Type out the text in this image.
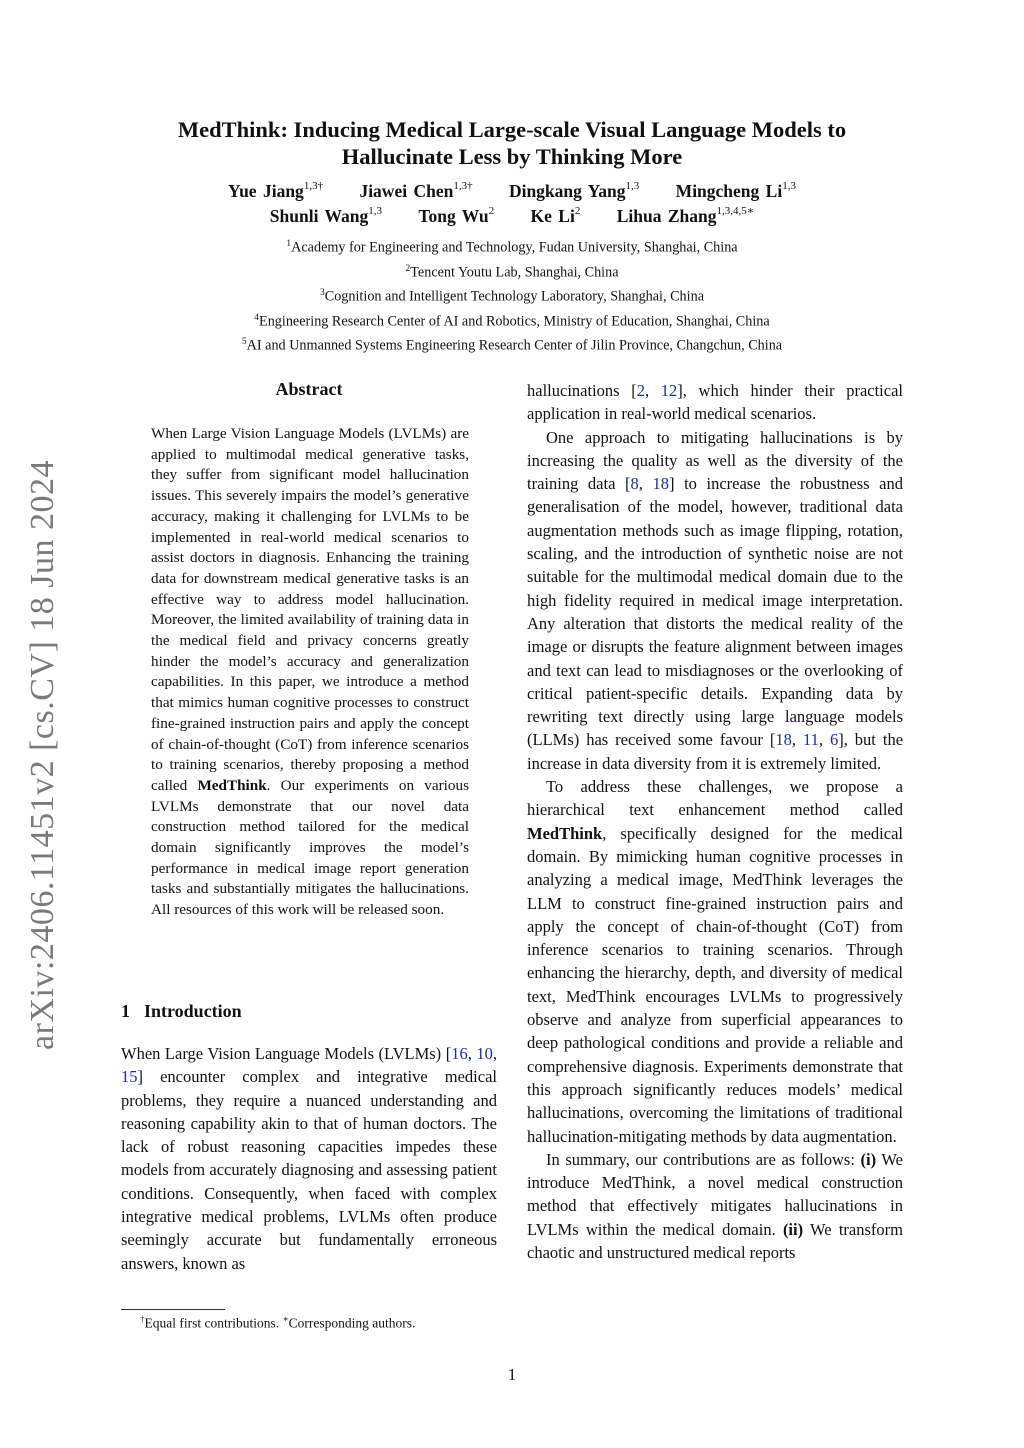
arXiv:2406.11451v2 [cs.CV] 18 Jun 2024
MedThink: Inducing Medical Large-scale Visual Language Models to
Hallucinate Less by Thinking More
Yue Jiang$^{1,3\dagger}$ Jiawei Chen$^{1,3\dagger}$ Dingkang Yang$^{1,3}$ Mingcheng Li$^{1,3}$
Shunli Wang$^{1,3}$ Tong Wu$^2$ Ke Li$^2$ Lihua Zhang$^{1,3,4,5∗}$
$^1$Academy for Engineering and Technology, Fudan University, Shanghai, China
$^2$Tencent Youtu Lab, Shanghai, China
$^3$Cognition and Intelligent Technology Laboratory, Shanghai, China
$^4$Engineering Research Center of AI and Robotics, Ministry of Education, Shanghai, China
$^5$AI and Unmanned Systems Engineering Research Center of Jilin Province, Changchun, China
Abstract
When Large Vision Language Models (LVLMs) are applied to multimodal medical generative tasks, they suffer from significant model hallucination issues. This severely impairs the model’s generative accuracy, making it challenging for LVLMs to be implemented in real-world medical scenarios to assist doctors in diagnosis. Enhancing the training data for downstream medical generative tasks is an effective way to address model hallucination. Moreover, the limited availability of training data in the medical field and privacy concerns greatly hinder the model’s accuracy and generalization capabilities. In this paper, we introduce a method that mimics human cognitive processes to construct fine-grained instruction pairs and apply the concept of chain-of-thought (CoT) from inference scenarios to training scenarios, thereby proposing a method called MedThink. Our experiments on various LVLMs demonstrate that our novel data construction method tailored for the medical domain significantly improves the model’s performance in medical image report generation tasks and substantially mitigates the hallucinations. All resources of this work will be released soon.
1 Introduction
When Large Vision Language Models (LVLMs) [16, 10, 15] encounter complex and integrative medical problems, they require a nuanced understanding and reasoning capability akin to that of human doctors. The lack of robust reasoning capacities impedes these models from accurately diagnosing and assessing patient conditions. Consequently, when faced with complex integrative medical problems, LVLMs often produce seemingly accurate but fundamentally erroneous answers, known as

hallucinations [2, 12], which hinder their practical application in real-world medical scenarios.

One approach to mitigating hallucinations is by increasing the quality as well as the diversity of the training data [8, 18] to increase the robustness and generalisation of the model, however, traditional data augmentation methods such as image flipping, rotation, scaling, and the introduction of synthetic noise are not suitable for the multimodal medical domain due to the high fidelity required in medical image interpretation. Any alteration that distorts the medical reality of the image or disrupts the feature alignment between images and text can lead to misdiagnoses or the overlooking of critical patient-specific details. Expanding data by rewriting text directly using large language models (LLMs) has received some favour [18, 11, 6], but the increase in data diversity from it is extremely limited.

To address these challenges, we propose a hierarchical text enhancement method called MedThink, specifically designed for the medical domain. By mimicking human cognitive processes in analyzing a medical image, MedThink leverages the LLM to construct fine-grained instruction pairs and apply the concept of chain-of-thought (CoT) from inference scenarios to training scenarios. Through enhancing the hierarchy, depth, and diversity of medical text, MedThink encourages LVLMs to progressively observe and analyze from superficial appearances to deep pathological conditions and provide a reliable and comprehensive diagnosis. Experiments demonstrate that this approach significantly reduces models’ medical hallucinations, overcoming the limitations of traditional hallucination-mitigating methods by data augmentation.

In summary, our contributions are as follows: (i) We introduce MedThink, a novel medical construction method that effectively mitigates hallucinations in LVLMs within the medical domain. (ii) We transform chaotic and unstructured medical reports

†Equal first contributions. ∗Corresponding authors.
1
